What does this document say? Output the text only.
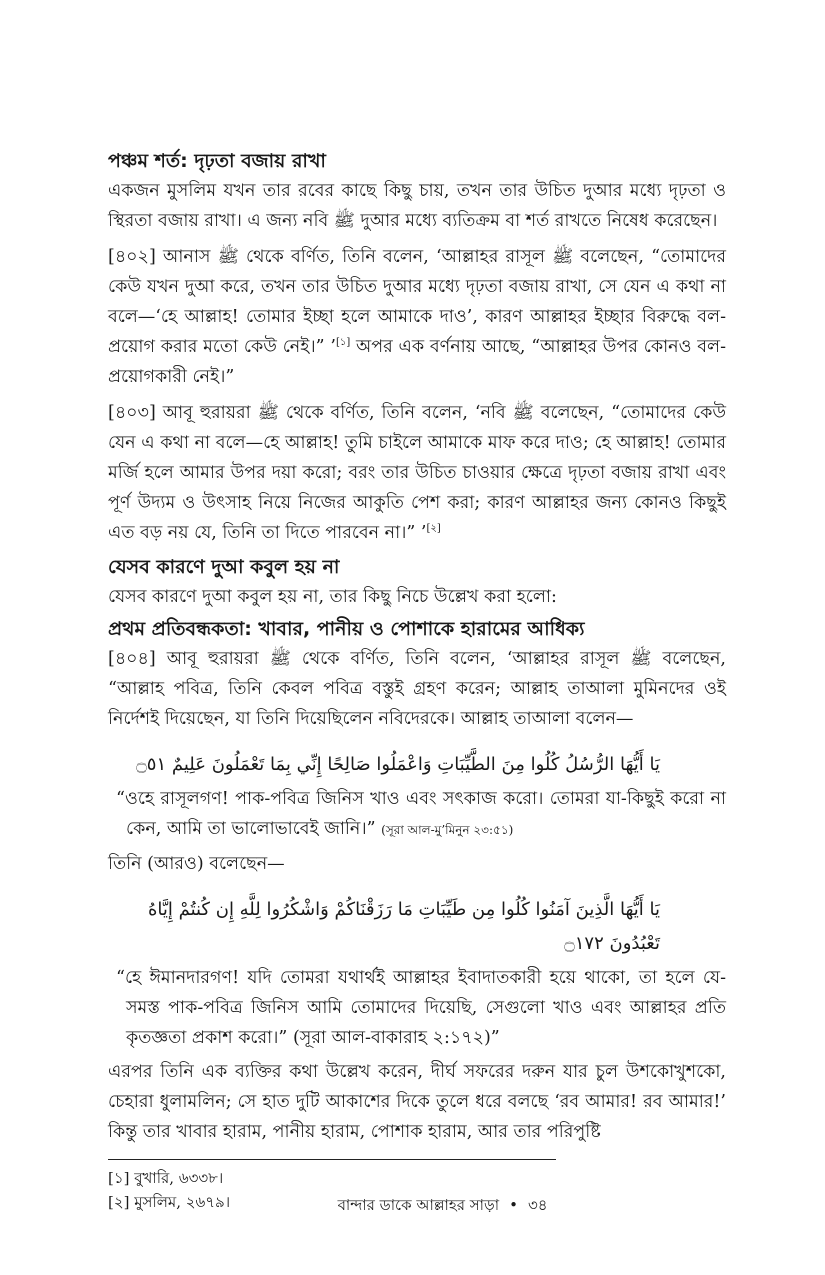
পঞ্চম শর্ত: দৃঢ়তা বজায় রাখা

একজন মুসলিম যখন তার রবের কাছে কিছু চায়, তখন তার উচিত দুআর মধ্যে দৃঢ়তা ও স্থিরতা বজায় রাখা। এ জন্য নবি ﷺ দুআর মধ্যে ব্যতিক্রম বা শর্ত রাখতে নিষেধ করেছেন।

[৪০২] আনাস ﷺ থেকে বর্ণিত, তিনি বলেন, ‘আল্লাহর রাসূল ﷺ বলেছেন, “তোমাদের কেউ যখন দুআ করে, তখন তার উচিত দুআর মধ্যে দৃঢ়তা বজায় রাখা, সে যেন এ কথা না বলে—‘হে আল্লাহ! তোমার ইচ্ছা হলে আমাকে দাও’, কারণ আল্লাহর ইচ্ছার বিরুদ্ধে বল-প্রয়োগ করার মতো কেউ নেই।” ’[১] অপর এক বর্ণনায় আছে, “আল্লাহর উপর কোনও বল-প্রয়োগকারী নেই।”

[৪০৩] আবূ হুরায়রা ﷺ থেকে বর্ণিত, তিনি বলেন, ‘নবি ﷺ বলেছেন, “তোমাদের কেউ যেন এ কথা না বলে—হে আল্লাহ! তুমি চাইলে আমাকে মাফ করে দাও; হে আল্লাহ! তোমার মর্জি হলে আমার উপর দয়া করো; বরং তার উচিত চাওয়ার ক্ষেত্রে দৃঢ়তা বজায় রাখা এবং পূর্ণ উদ্যম ও উৎসাহ নিয়ে নিজের আকুতি পেশ করা; কারণ আল্লাহর জন্য কোনও কিছুই এত বড় নয় যে, তিনি তা দিতে পারবেন না।” ’[২]

যেসব কারণে দুআ কবুল হয় না

যেসব কারণে দুআ কবুল হয় না, তার কিছু নিচে উল্লেখ করা হলো:

প্রথম প্রতিবন্ধকতা: খাবার, পানীয় ও পোশাকে হারামের আধিক্য

[৪০৪] আবূ হুরায়রা ﷺ থেকে বর্ণিত, তিনি বলেন, ‘আল্লাহর রাসূল ﷺ বলেছেন, “আল্লাহ পবিত্র, তিনি কেবল পবিত্র বস্তুই গ্রহণ করেন; আল্লাহ তাআলা মুমিনদের ওই নির্দেশই দিয়েছেন, যা তিনি দিয়েছিলেন নবিদেরকে। আল্লাহ তাআলা বলেন—

يَا أَيُّهَا الرُّسُلُ كُلُوا مِنَ الطَّيِّبَاتِ وَاعْمَلُوا صَالِحًا إِنِّي بِمَا تَعْمَلُونَ عَلِيمٌ ۝٥١

“ওহে রাসূলগণ! পাক-পবিত্র জিনিস খাও এবং সৎকাজ করো। তোমরা যা-কিছুই করো না কেন, আমি তা ভালোভাবেই জানি।” (সূরা আল-মু’মিনুন ২৩:৫১)

তিনি (আরও) বলেছেন—

يَا أَيُّهَا الَّذِينَ آمَنُوا كُلُوا مِن طَيِّبَاتِ مَا رَزَقْنَاكُمْ وَاشْكُرُوا لِلَّهِ إِن كُنتُمْ إِيَّاهُ تَعْبُدُونَ ۝١٧٢

“হে ঈমানদারগণ! যদি তোমরা যথার্থই আল্লাহর ইবাদাতকারী হয়ে থাকো, তা হলে যে-সমস্ত পাক-পবিত্র জিনিস আমি তোমাদের দিয়েছি, সেগুলো খাও এবং আল্লাহর প্রতি কৃতজ্ঞতা প্রকাশ করো।” (সূরা আল-বাকারাহ ২:১৭২)”

এরপর তিনি এক ব্যক্তির কথা উল্লেখ করেন, দীর্ঘ সফরের দরুন যার চুল উশকোখুশকো, চেহারা ধুলামলিন; সে হাত দুটি আকাশের দিকে তুলে ধরে বলছে ‘রব আমার! রব আমার!’ কিন্তু তার খাবার হারাম, পানীয় হারাম, পোশাক হারাম, আর তার পরিপুষ্টি

[১] বুখারি, ৬৩৩৮।

[২] মুসলিম, ২৬৭৯।	বান্দার ডাকে আল্লাহর সাড়া • ৩৪
